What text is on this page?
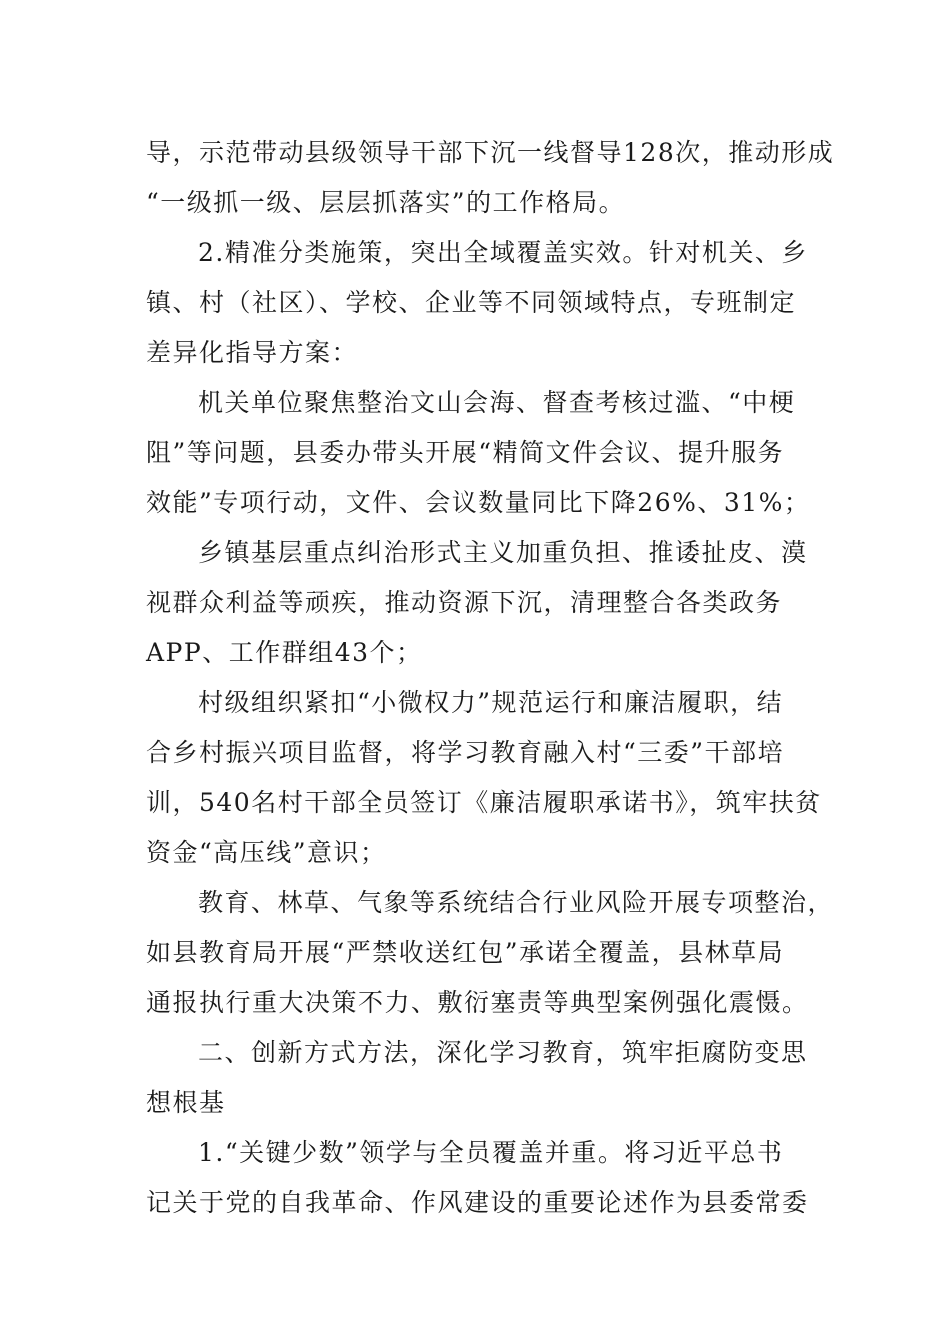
导，示范带动县级领导干部下沉一线督导128次，推动形成
“一级抓一级、层层抓落实”的工作格局。

2.精准分类施策，突出全域覆盖实效。针对机关、乡
镇、村（社区）、学校、企业等不同领域特点，专班制定
差异化指导方案：

机关单位聚焦整治文山会海、督查考核过滥、“中梗
阻”等问题，县委办带头开展“精简文件会议、提升服务
效能”专项行动，文件、会议数量同比下降26%、31%；

乡镇基层重点纠治形式主义加重负担、推诿扯皮、漠
视群众利益等顽疾，推动资源下沉，清理整合各类政务
APP、工作群组43个；

村级组织紧扣“小微权力”规范运行和廉洁履职，结
合乡村振兴项目监督，将学习教育融入村“三委”干部培
训，540名村干部全员签订《廉洁履职承诺书》，筑牢扶贫
资金“高压线”意识；

教育、林草、气象等系统结合行业风险开展专项整治，
如县教育局开展“严禁收送红包”承诺全覆盖，县林草局
通报执行重大决策不力、敷衍塞责等典型案例强化震慑。

二、创新方式方法，深化学习教育，筑牢拒腐防变思
想根基

1.“关键少数”领学与全员覆盖并重。将习近平总书
记关于党的自我革命、作风建设的重要论述作为县委常委
